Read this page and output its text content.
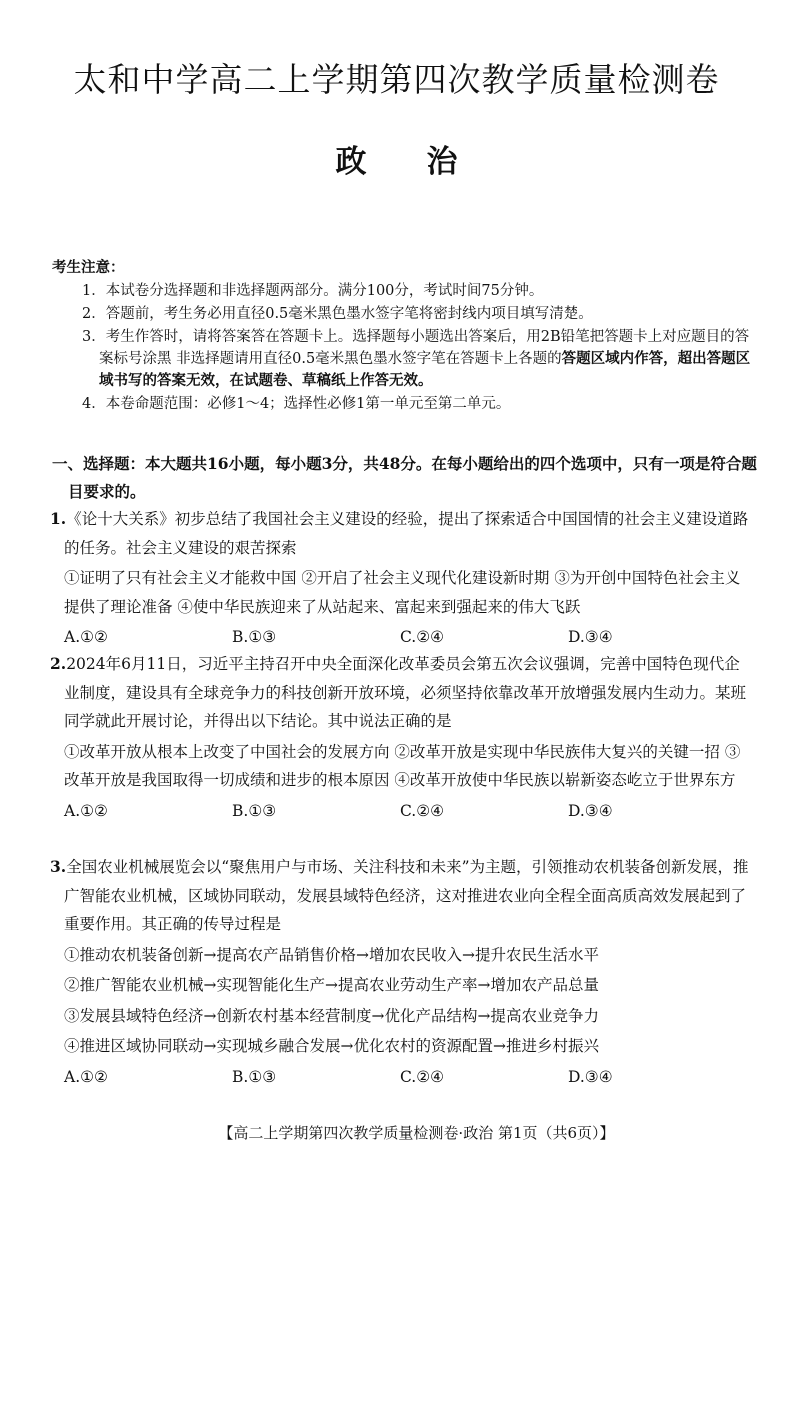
太和中学高二上学期第四次教学质量检测卷
政 治
考生注意：
1．本试卷分选择题和非选择题两部分。满分100分，考试时间75分钟。
2．答题前，考生务必用直径0.5毫米黑色墨水签字笔将密封线内项目填写清楚。
3．考生作答时，请将答案答在答题卡上。选择题每小题选出答案后，用2B铅笔把答题卡上对应题目的答案标号涂黑 非选择题请用直径0.5毫米黑色墨水签字笔在答题卡上各题的答题区域内作答，超出答题区域书写的答案无效，在试题卷、草稿纸上作答无效。
4．本卷命题范围：必修1～4；选择性必修1第一单元至第二单元。
一、选择题：本大题共16小题，每小题3分，共48分。在每小题给出的四个选项中，只有一项是符合题目要求的。
1.《论十大关系》初步总结了我国社会主义建设的经验，提出了探索适合中国国情的社会主义建设道路的任务。社会主义建设的艰苦探索
①证明了只有社会主义才能救中国 ②开启了社会主义现代化建设新时期 ③为开创中国特色社会主义提供了理论准备 ④使中华民族迎来了从站起来、富起来到强起来的伟大飞跃
A.①②	B.①③	C.②④	D.③④
2.2024年6月11日，习近平主持召开中央全面深化改革委员会第五次会议强调，完善中国特色现代企业制度，建设具有全球竞争力的科技创新开放环境，必须坚持依靠改革开放增强发展内生动力。某班同学就此开展讨论，并得出以下结论。其中说法正确的是
①改革开放从根本上改变了中国社会的发展方向 ②改革开放是实现中华民族伟大复兴的关键一招 ③改革开放是我国取得一切成绩和进步的根本原因 ④改革开放使中华民族以崭新姿态屹立于世界东方
A.①②	B.①③	C.②④	D.③④
3.全国农业机械展览会以“聚焦用户与市场、关注科技和未来”为主题，引领推动农机装备创新发展，推广智能农业机械，区域协同联动，发展县域特色经济，这对推进农业向全程全面高质高效发展起到了重要作用。其正确的传导过程是
①推动农机装备创新→提高农产品销售价格→增加农民收入→提升农民生活水平
②推广智能农业机械→实现智能化生产→提高农业劳动生产率→增加农产品总量
③发展县域特色经济→创新农村基本经营制度→优化产品结构→提高农业竞争力
④推进区域协同联动→实现城乡融合发展→优化农村的资源配置→推进乡村振兴
A.①②	B.①③	C.②④	D.③④
【高二上学期第四次教学质量检测卷·政治 第1页（共6页）】
